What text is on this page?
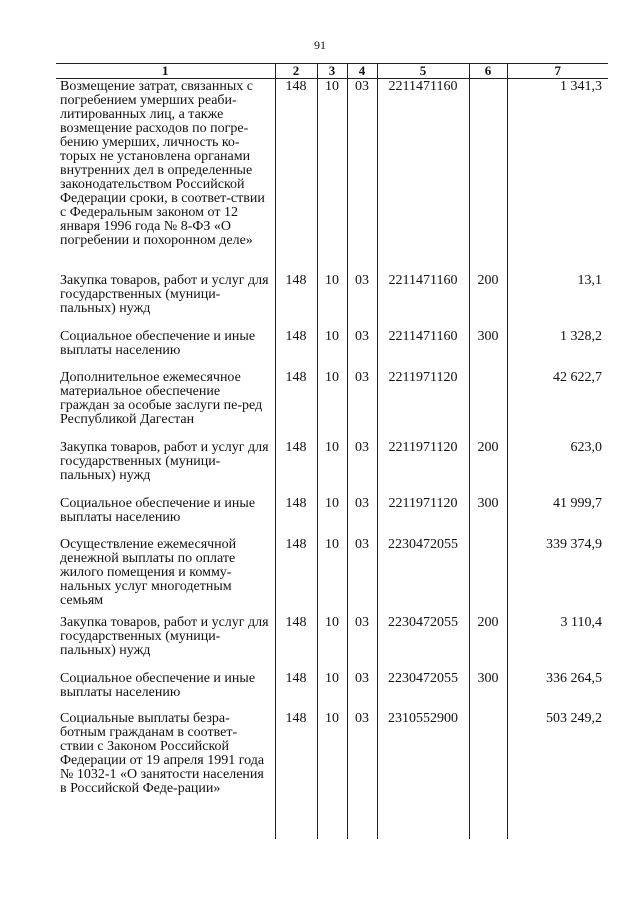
91
1	2	3	4	5	6	7
Возмещение затрат, связанных с погребением умерших реаби-литированных лиц, а также возмещение расходов по погре-бению умерших, личность ко-торых не установлена органами внутренних дел в определенные законодательством Российской Федерации сроки, в соответ-ствии с Федеральным законом от 12 января 1996 года № 8-ФЗ «О погребении и похоронном деле»	148	10	03	2211471160		1 341,3
Закупка товаров, работ и услуг для государственных (муници-пальных) нужд	148	10	03	2211471160	200	13,1
Социальное обеспечение и иные выплаты населению	148	10	03	2211471160	300	1 328,2
Дополнительное ежемесячное материальное обеспечение граждан за особые заслуги пе-ред Республикой Дагестан	148	10	03	2211971120		42 622,7
Закупка товаров, работ и услуг для государственных (муници-пальных) нужд	148	10	03	2211971120	200	623,0
Социальное обеспечение и иные выплаты населению	148	10	03	2211971120	300	41 999,7
Осуществление ежемесячной денежной выплаты по оплате жилого помещения и комму-нальных услуг многодетным семьям	148	10	03	2230472055		339 374,9
Закупка товаров, работ и услуг для государственных (муници-пальных) нужд	148	10	03	2230472055	200	3 110,4
Социальное обеспечение и иные выплаты населению	148	10	03	2230472055	300	336 264,5
Социальные выплаты безра-ботным гражданам в соответ-ствии с Законом Российской Федерации от 19 апреля 1991 года № 1032-1 «О занятости населения в Российской Феде-рации»	148	10	03	2310552900		503 249,2
